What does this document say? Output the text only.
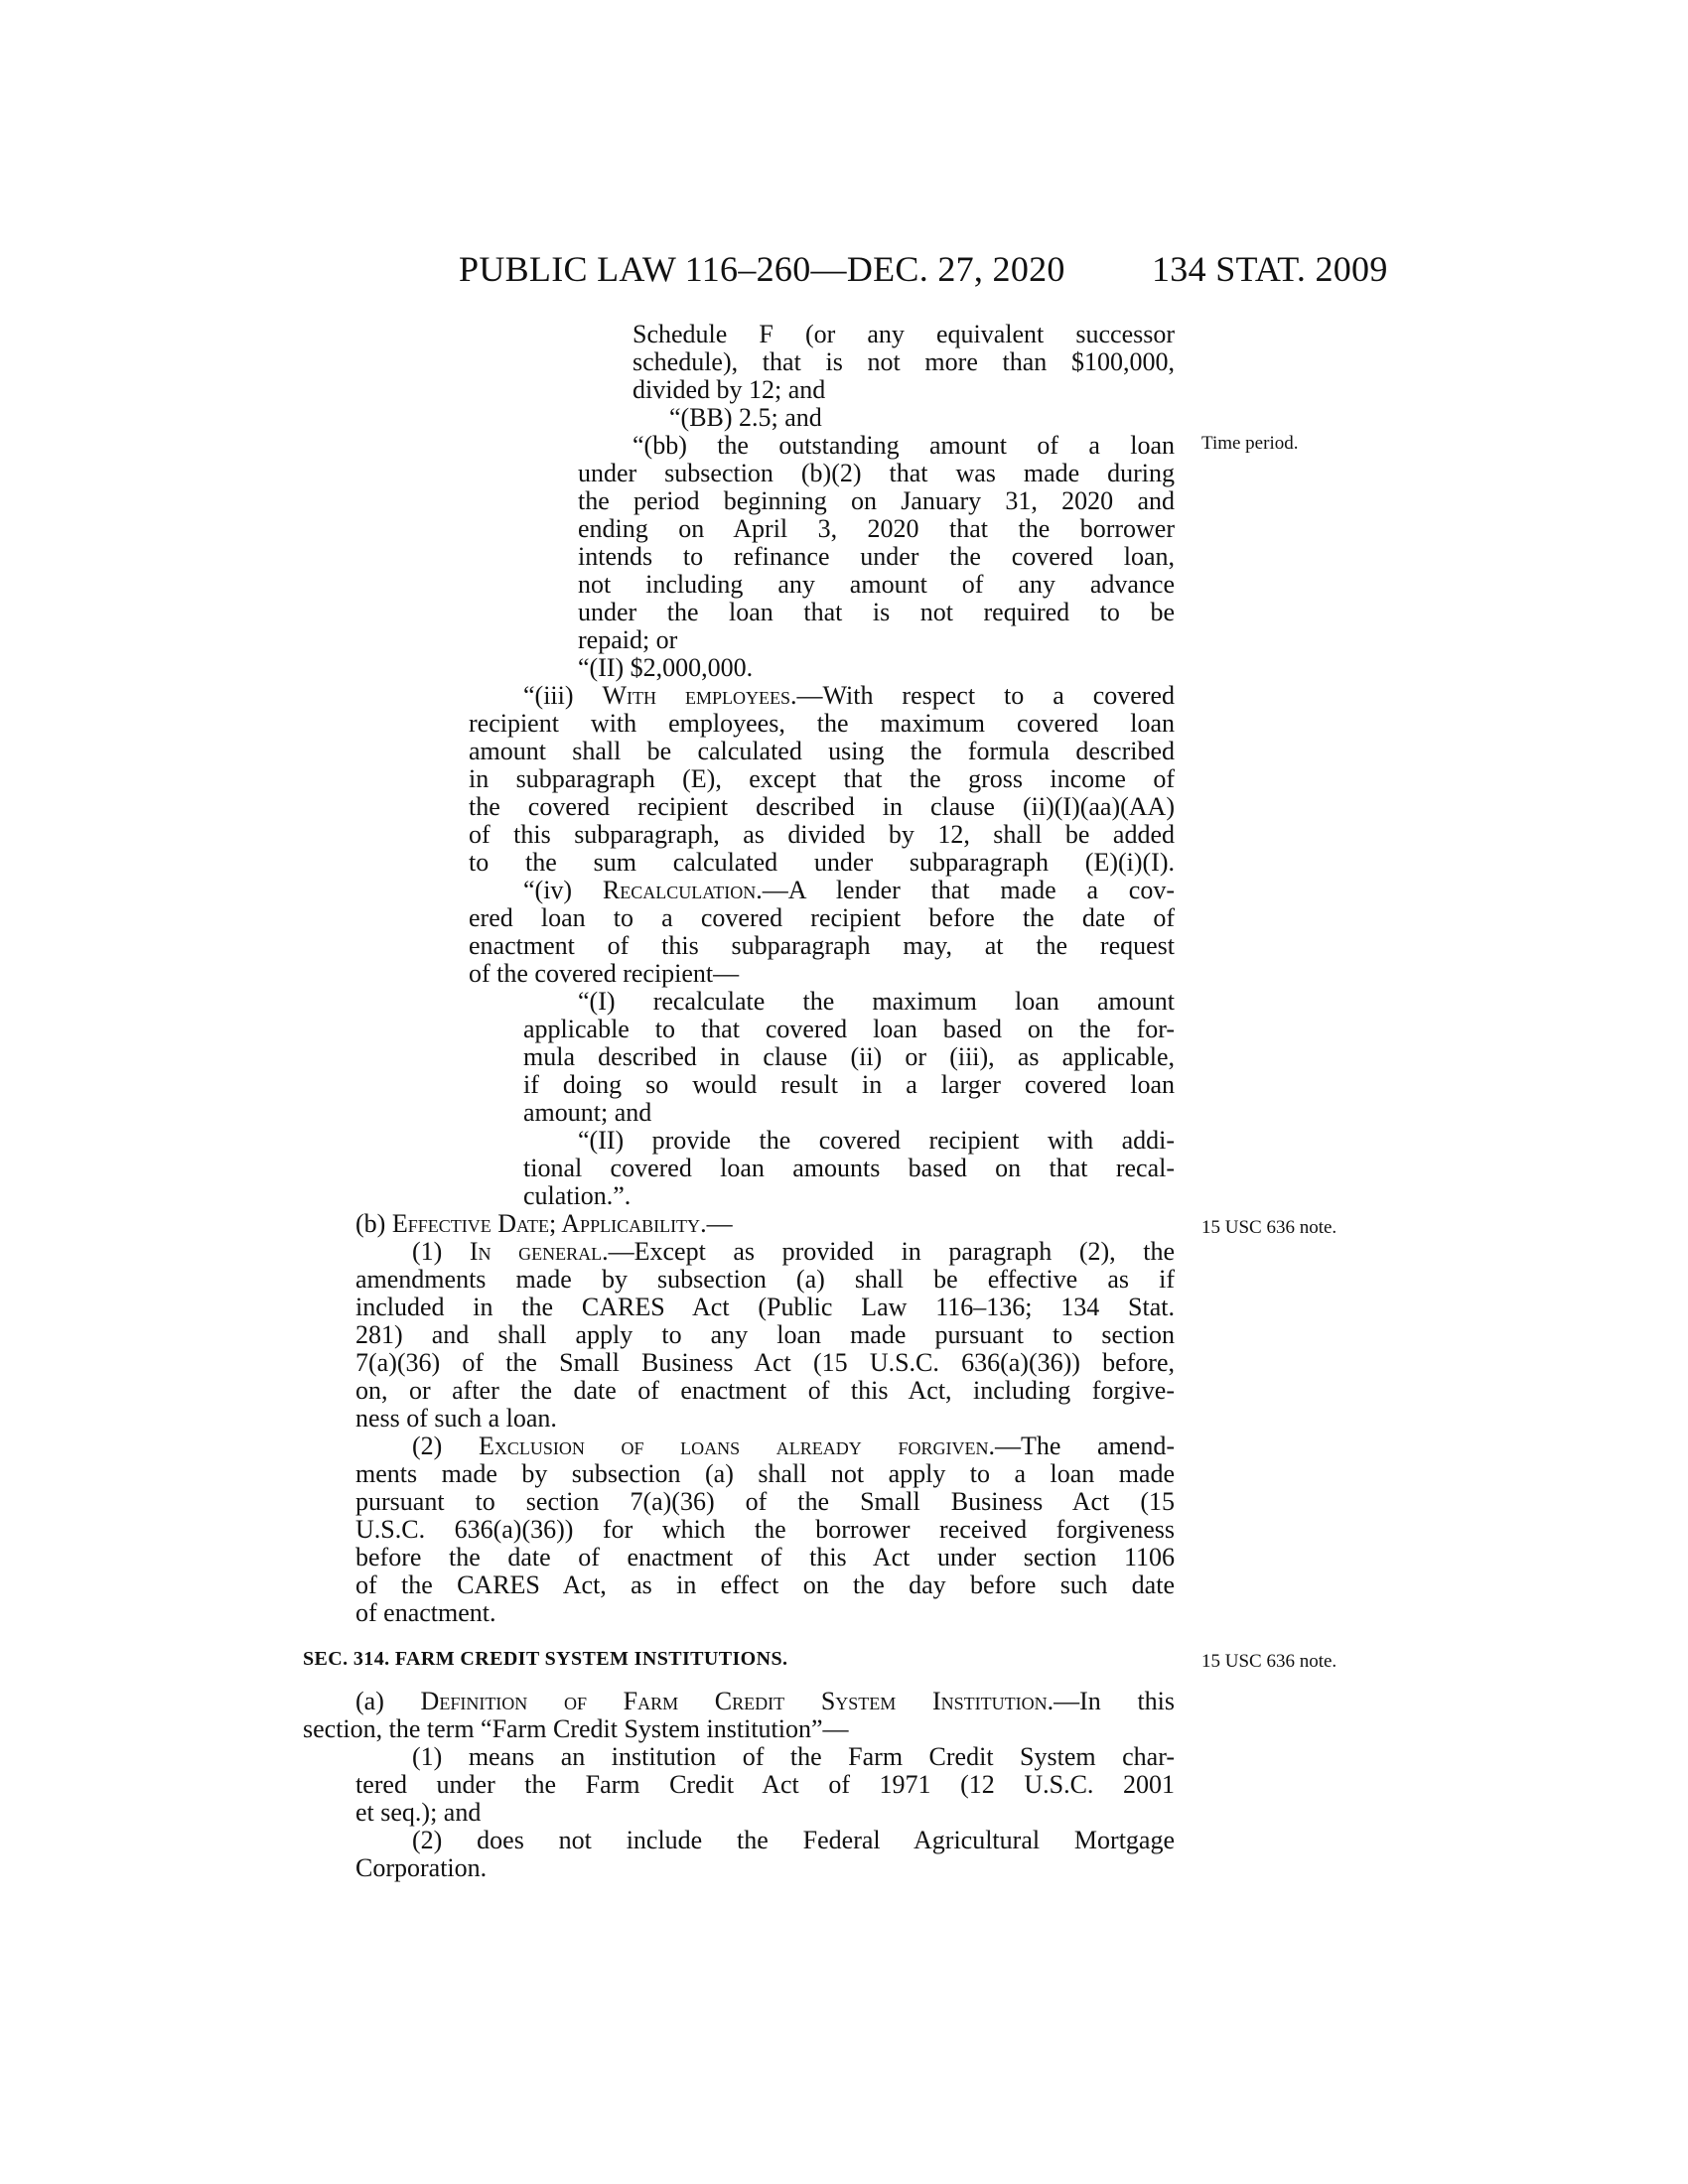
PUBLIC LAW 116–260—DEC. 27, 2020 134 STAT. 2009
Time period.
15 USC 636 note.
15 USC 636 note.
Schedule F (or any equivalent successor
schedule), that is not more than $100,000,
divided by 12; and
“(BB) 2.5; and
“(bb) the outstanding amount of a loan
under subsection (b)(2) that was made during
the period beginning on January 31, 2020 and
ending on April 3, 2020 that the borrower
intends to refinance under the covered loan,
not including any amount of any advance
under the loan that is not required to be
repaid; or
“(II) $2,000,000.
“(iii) With employees.—With respect to a covered
recipient with employees, the maximum covered loan
amount shall be calculated using the formula described
in subparagraph (E), except that the gross income of
the covered recipient described in clause (ii)(I)(aa)(AA)
of this subparagraph, as divided by 12, shall be added
to the sum calculated under subparagraph (E)(i)(I).
“(iv) Recalculation.—A lender that made a cov-
ered loan to a covered recipient before the date of
enactment of this subparagraph may, at the request
of the covered recipient—
“(I) recalculate the maximum loan amount
applicable to that covered loan based on the for-
mula described in clause (ii) or (iii), as applicable,
if doing so would result in a larger covered loan
amount; and
“(II) provide the covered recipient with addi-
tional covered loan amounts based on that recal-
culation.”.
(b) Effective Date; Applicability.—
(1) In general.—Except as provided in paragraph (2), the
amendments made by subsection (a) shall be effective as if
included in the CARES Act (Public Law 116–136; 134 Stat.
281) and shall apply to any loan made pursuant to section
7(a)(36) of the Small Business Act (15 U.S.C. 636(a)(36)) before,
on, or after the date of enactment of this Act, including forgive-
ness of such a loan.
(2) Exclusion of loans already forgiven.—The amend-
ments made by subsection (a) shall not apply to a loan made
pursuant to section 7(a)(36) of the Small Business Act (15
U.S.C. 636(a)(36)) for which the borrower received forgiveness
before the date of enactment of this Act under section 1106
of the CARES Act, as in effect on the day before such date
of enactment.
SEC. 314. FARM CREDIT SYSTEM INSTITUTIONS.
(a) Definition of Farm Credit System Institution.—In this
section, the term “Farm Credit System institution”—
(1) means an institution of the Farm Credit System char-
tered under the Farm Credit Act of 1971 (12 U.S.C. 2001
et seq.); and
(2) does not include the Federal Agricultural Mortgage
Corporation.
